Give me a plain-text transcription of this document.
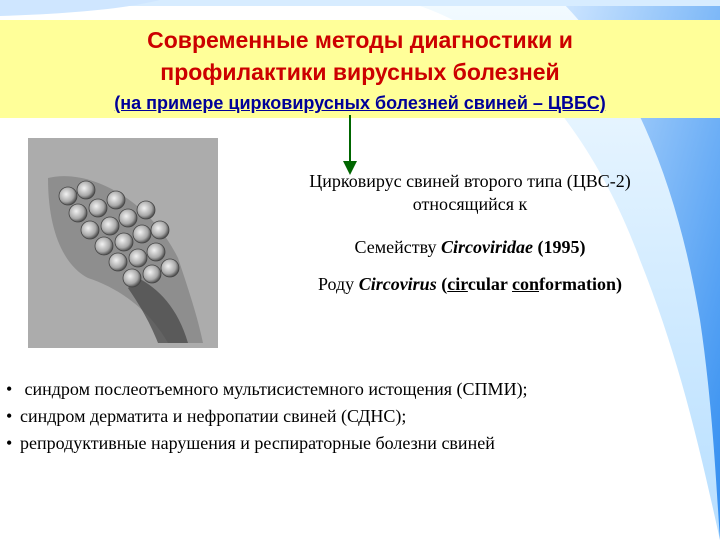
Современные методы диагностики и
профилактики вирусных болезней
(на примере цирковирусных болезней свиней – ЦВБС)

Цирковирус свиней второго типа (ЦВС-2)
относящийся к

Семейству Circoviridae (1995)

Роду Circovirus (circular conformation)

• синдром послеотъемного мультисистемного истощения (СПМИ);
• синдром дерматита и нефропатии свиней (СДНС);
• репродуктивные нарушения и респираторные болезни свиней
